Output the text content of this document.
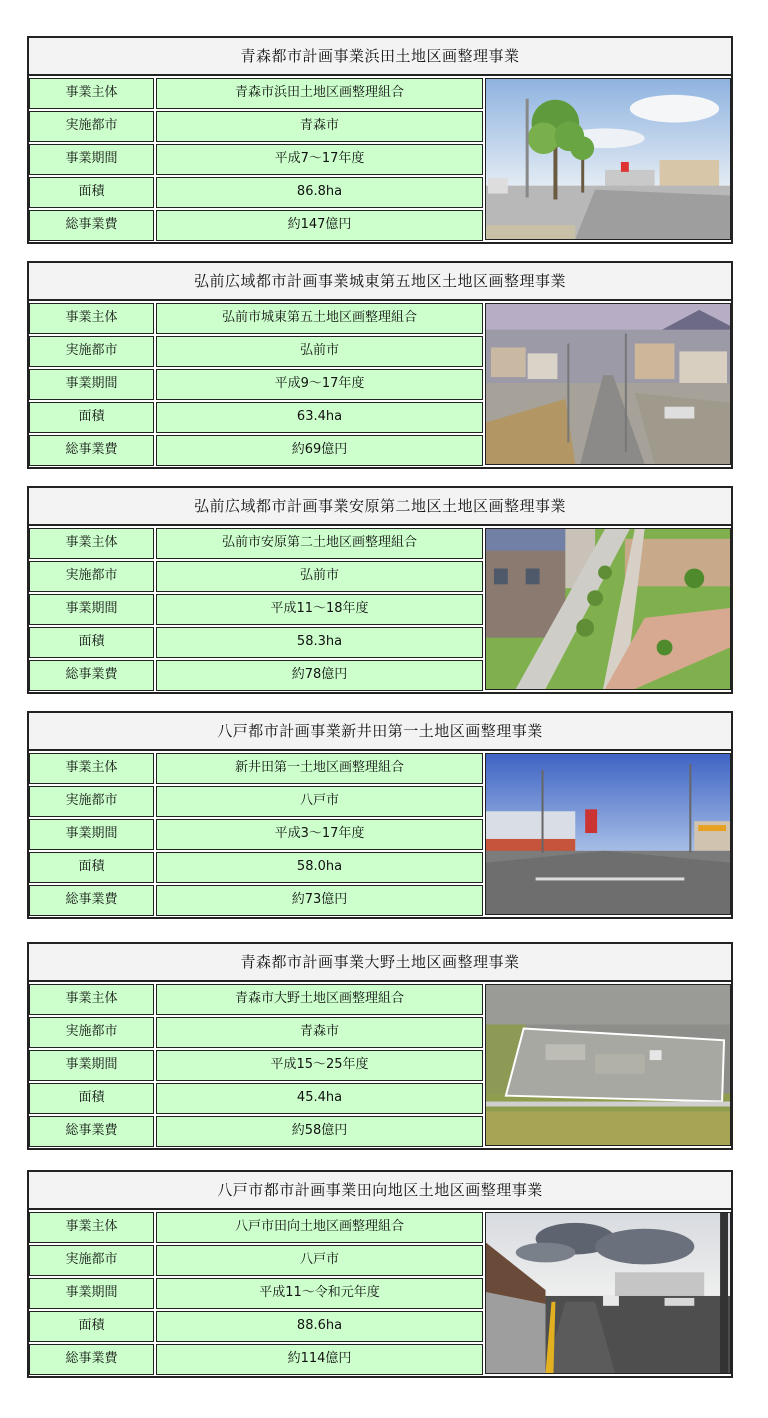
青森都市計画事業浜田土地区画整理事業
事業主体	青森市浜田土地区画整理組合
実施都市	青森市
事業期間	平成7～17年度
面積	86.8ha
総事業費	約147億円
弘前広域都市計画事業城東第五地区土地区画整理事業
事業主体	弘前市城東第五土地区画整理組合
実施都市	弘前市
事業期間	平成9～17年度
面積	63.4ha
総事業費	約69億円
弘前広域都市計画事業安原第二地区土地区画整理事業
事業主体	弘前市安原第二土地区画整理組合
実施都市	弘前市
事業期間	平成11～18年度
面積	58.3ha
総事業費	約78億円
八戸都市計画事業新井田第一土地区画整理事業
事業主体	新井田第一土地区画整理組合
実施都市	八戸市
事業期間	平成3～17年度
面積	58.0ha
総事業費	約73億円
青森都市計画事業大野土地区画整理事業
事業主体	青森市大野土地区画整理組合
実施都市	青森市
事業期間	平成15～25年度
面積	45.4ha
総事業費	約58億円
八戸市都市計画事業田向地区土地区画整理事業
事業主体	八戸市田向土地区画整理組合
実施都市	八戸市
事業期間	平成11～令和元年度
面積	88.6ha
総事業費	約114億円
